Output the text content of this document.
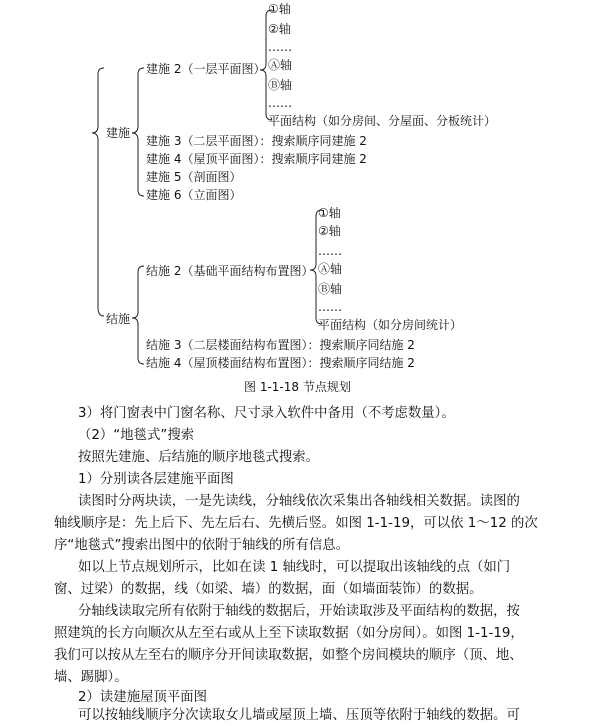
建施
建施 2（一层平面图）
①轴
②轴
……
Ⓐ轴
Ⓑ轴
……
平面结构（如分房间、分屋面、分板统计）
建施 3（二层平面图）：搜索顺序同建施 2
建施 4（屋顶平面图）：搜索顺序同建施 2
建施 5（剖面图）
建施 6（立面图）
结施
结施 2（基础平面结构布置图）
①轴
②轴
……
Ⓐ轴
Ⓑ轴
……
平面结构（如分房间统计）
结施 3（二层楼面结构布置图）：搜索顺序同结施 2
结施 4（屋顶楼面结构布置图）：搜索顺序同结施 2
图 1-1-18 节点规划
3）将门窗表中门窗名称、尺寸录入软件中备用（不考虑数量）。
（2）“地毯式”搜索
按照先建施、后结施的顺序地毯式搜索。
1）分别读各层建施平面图
读图时分两块读，一是先读线，分轴线依次采集出各轴线相关数据。读图的
轴线顺序是：先上后下、先左后右、先横后竖。如图 1-1-19，可以依 1～12 的次
序“地毯式”搜索出图中的依附于轴线的所有信息。
如以上节点规划所示，比如在读 1 轴线时，可以提取出该轴线的点（如门
窗、过梁）的数据，线（如梁、墙）的数据，面（如墙面装饰）的数据。
分轴线读取完所有依附于轴线的数据后，开始读取涉及平面结构的数据，按
照建筑的长方向顺次从左至右或从上至下读取数据（如分房间）。如图 1-1-19，
我们可以按从左至右的顺序分开间读取数据，如整个房间模块的顺序（顶、地、
墙、踢脚）。
2）读建施屋顶平面图
可以按轴线顺序分次读取女儿墙或屋顶上墙、压顶等依附于轴线的数据。可
